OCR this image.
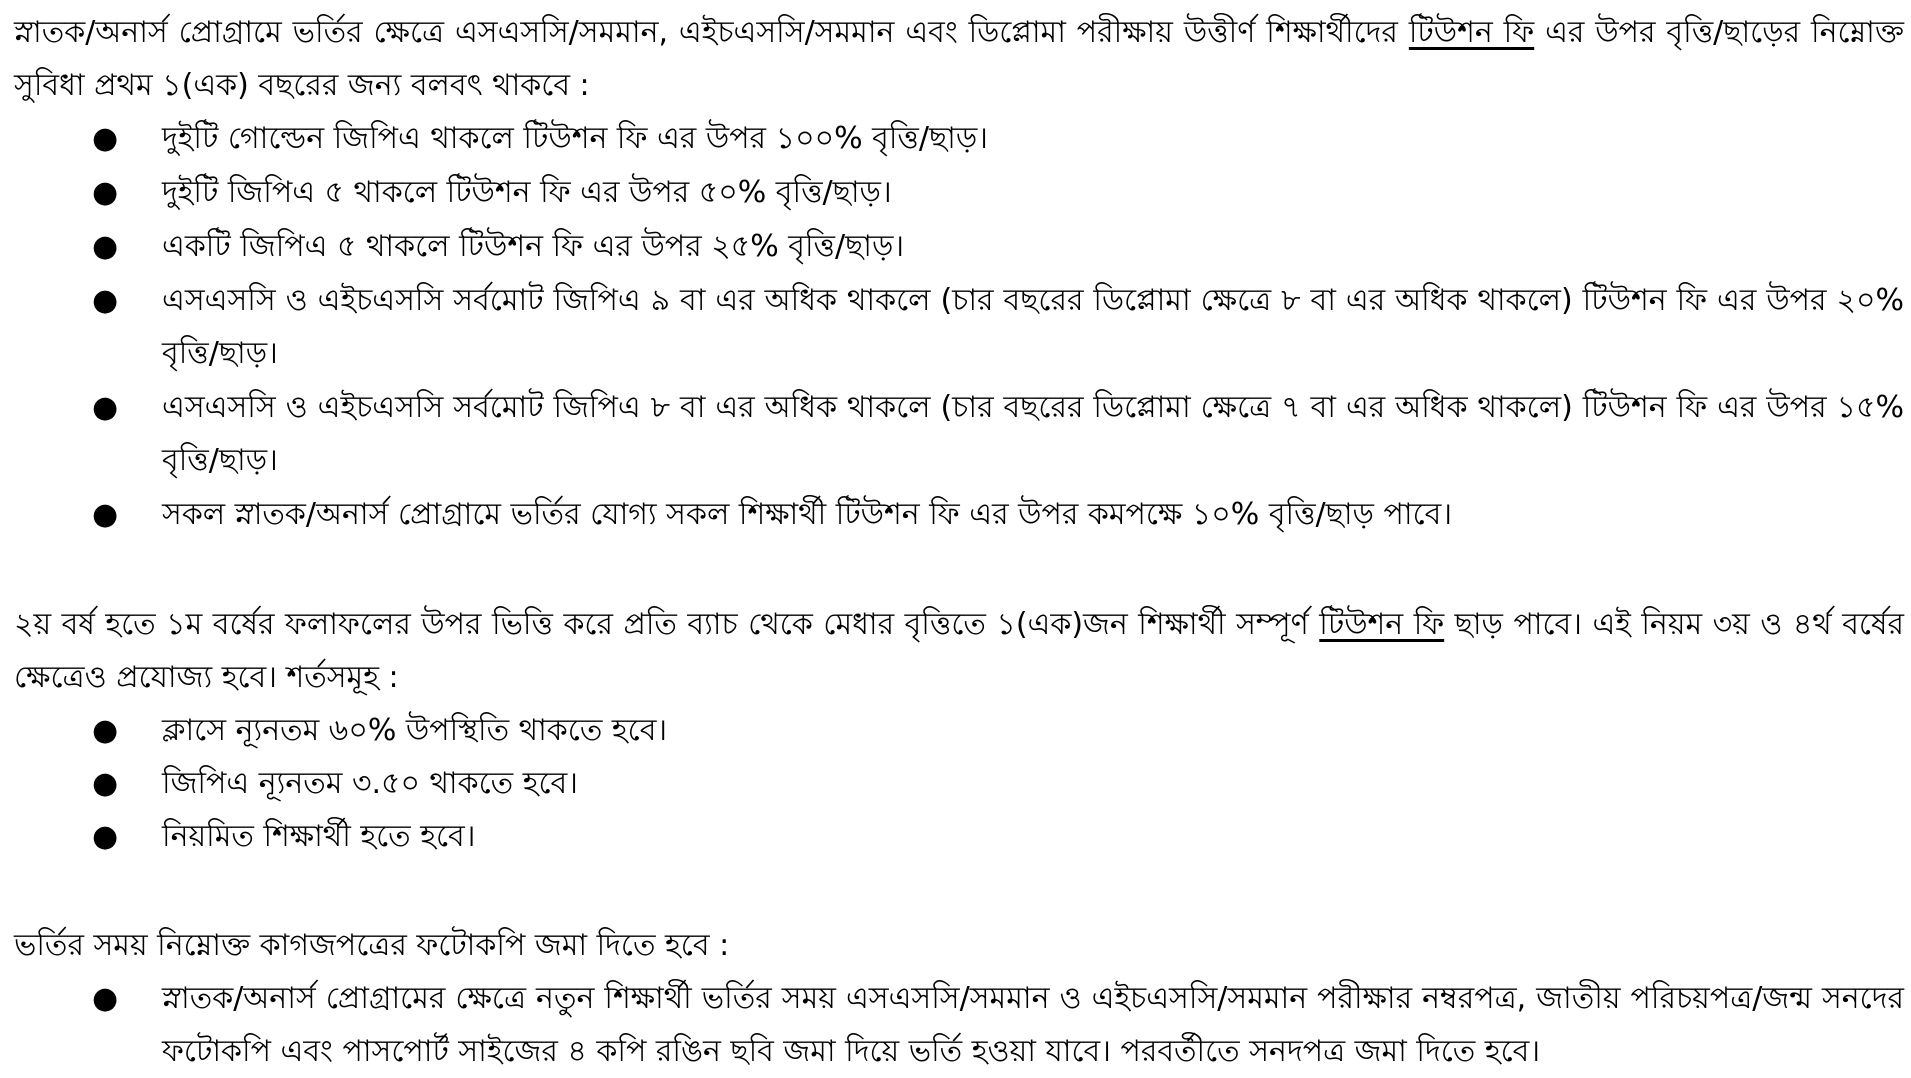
স্নাতক/অনার্স প্রোগ্রামে ভর্তির ক্ষেত্রে এসএসসি/সমমান, এইচএসসি/সমমান এবং ডিপ্লোমা পরীক্ষায় উত্তীর্ণ শিক্ষার্থীদের টিউশন ফি এর উপর বৃত্তি/ছাড়ের নিম্নোক্ত সুবিধা প্রথম ১(এক) বছরের জন্য বলবৎ থাকবে :

● দুইটি গোল্ডেন জিপিএ থাকলে টিউশন ফি এর উপর ১০০% বৃত্তি/ছাড়।
● দুইটি জিপিএ ৫ থাকলে টিউশন ফি এর উপর ৫০% বৃত্তি/ছাড়।
● একটি জিপিএ ৫ থাকলে টিউশন ফি এর উপর ২৫% বৃত্তি/ছাড়।
● এসএসসি ও এইচএসসি সর্বমোট জিপিএ ৯ বা এর অধিক থাকলে (চার বছরের ডিপ্লোমা ক্ষেত্রে ৮ বা এর অধিক থাকলে) টিউশন ফি এর উপর ২০% বৃত্তি/ছাড়।
● এসএসসি ও এইচএসসি সর্বমোট জিপিএ ৮ বা এর অধিক থাকলে (চার বছরের ডিপ্লোমা ক্ষেত্রে ৭ বা এর অধিক থাকলে) টিউশন ফি এর উপর ১৫% বৃত্তি/ছাড়।
● সকল স্নাতক/অনার্স প্রোগ্রামে ভর্তির যোগ্য সকল শিক্ষার্থী টিউশন ফি এর উপর কমপক্ষে ১০% বৃত্তি/ছাড় পাবে।

২য় বর্ষ হতে ১ম বর্ষের ফলাফলের উপর ভিত্তি করে প্রতি ব্যাচ থেকে মেধার বৃত্তিতে ১(এক)জন শিক্ষার্থী সম্পূর্ণ টিউশন ফি ছাড় পাবে। এই নিয়ম ৩য় ও ৪র্থ বর্ষের ক্ষেত্রেও প্রযোজ্য হবে। শর্তসমূহ :

● ক্লাসে ন্যূনতম ৬০% উপস্থিতি থাকতে হবে।
● জিপিএ ন্যূনতম ৩.৫০ থাকতে হবে।
● নিয়মিত শিক্ষার্থী হতে হবে।

ভর্তির সময় নিম্নোক্ত কাগজপত্রের ফটোকপি জমা দিতে হবে :

● স্নাতক/অনার্স প্রোগ্রামের ক্ষেত্রে নতুন শিক্ষার্থী ভর্তির সময় এসএসসি/সমমান ও এইচএসসি/সমমান পরীক্ষার নম্বরপত্র, জাতীয় পরিচয়পত্র/জন্ম সনদের ফটোকপি এবং পাসপোর্ট সাইজের ৪ কপি রঙিন ছবি জমা দিয়ে ভর্তি হওয়া যাবে। পরবর্তীতে সনদপত্র জমা দিতে হবে।
